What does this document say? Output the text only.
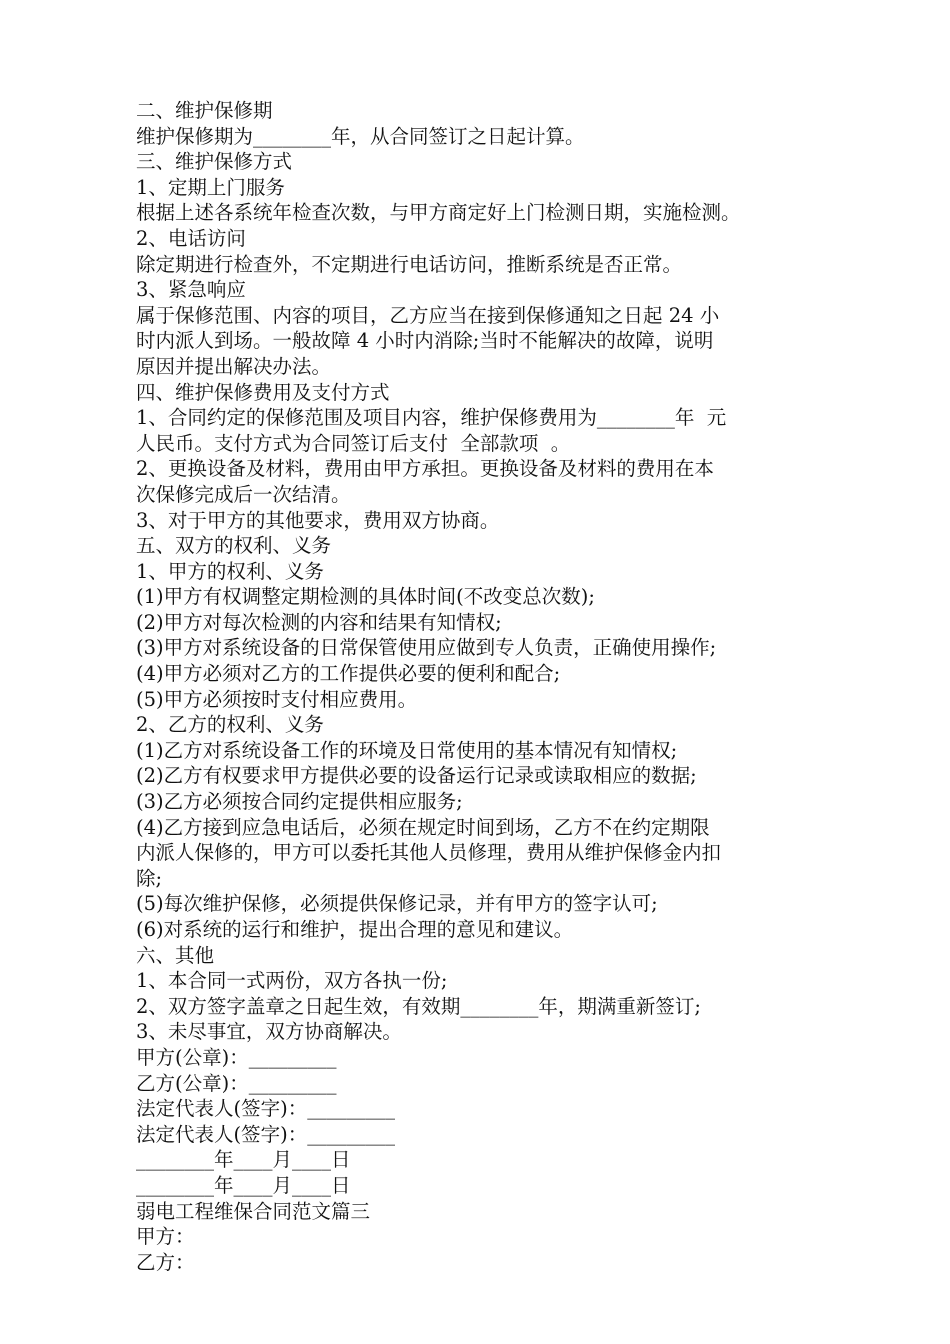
二、维护保修期
维护保修期为________年，从合同签订之日起计算。
三、维护保修方式
1、定期上门服务
根据上述各系统年检查次数，与甲方商定好上门检测日期，实施检测。
2、电话访问
除定期进行检查外，不定期进行电话访问，推断系统是否正常。
3、紧急响应
属于保修范围、内容的项目，乙方应当在接到保修通知之日起 24 小
时内派人到场。一般故障 4 小时内消除;当时不能解决的故障，说明
原因并提出解决办法。
四、维护保修费用及支付方式
1、合同约定的保修范围及项目内容，维护保修费用为________年  元
人民币。支付方式为合同签订后支付  全部款项  。
2、更换设备及材料，费用由甲方承担。更换设备及材料的费用在本
次保修完成后一次结清。
3、对于甲方的其他要求，费用双方协商。
五、双方的权利、义务
1、甲方的权利、义务
(1)甲方有权调整定期检测的具体时间(不改变总次数);
(2)甲方对每次检测的内容和结果有知情权;
(3)甲方对系统设备的日常保管使用应做到专人负责，正确使用操作;
(4)甲方必须对乙方的工作提供必要的便利和配合;
(5)甲方必须按时支付相应费用。
2、乙方的权利、义务
(1)乙方对系统设备工作的环境及日常使用的基本情况有知情权;
(2)乙方有权要求甲方提供必要的设备运行记录或读取相应的数据;
(3)乙方必须按合同约定提供相应服务;
(4)乙方接到应急电话后，必须在规定时间到场，乙方不在约定期限
内派人保修的，甲方可以委托其他人员修理，费用从维护保修金内扣
除;
(5)每次维护保修，必须提供保修记录，并有甲方的签字认可;
(6)对系统的运行和维护，提出合理的意见和建议。
六、其他
1、本合同一式两份，双方各执一份;
2、双方签字盖章之日起生效，有效期________年，期满重新签订;
3、未尽事宜，双方协商解决。
甲方(公章)：_________
乙方(公章)：_________
法定代表人(签字)：_________
法定代表人(签字)：_________
________年____月____日
________年____月____日
弱电工程维保合同范文篇三
甲方：
乙方：
